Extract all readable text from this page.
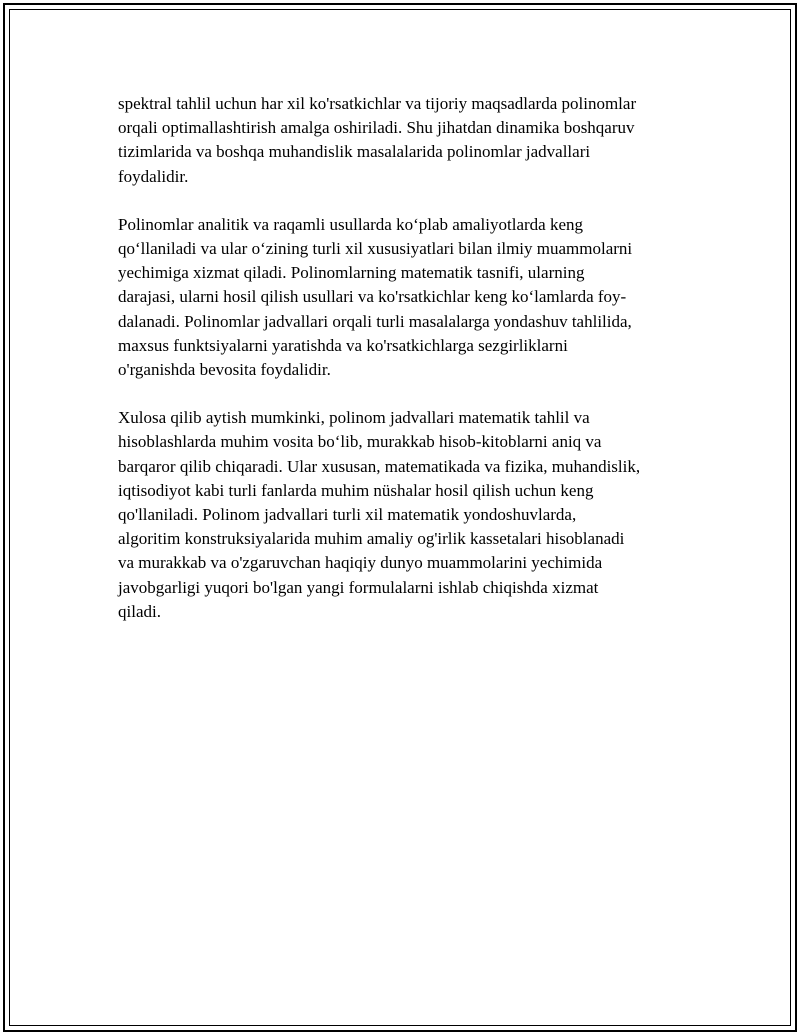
spektral tahlil uchun har xil ko'rsatkichlar va tijoriy maqsadlarda polinomlar
orqali optimallashtirish amalga oshiriladi. Shu jihatdan dinamika boshqaruv
tizimlarida va boshqa muhandislik masalalarida polinomlar jadvallari
foydalidir.

Polinomlar analitik va raqamli usullarda koʻplab amaliyotlarda keng
qoʻllaniladi va ular oʻzining turli xil xususiyatlari bilan ilmiy muammolarni
yechimiga xizmat qiladi. Polinomlarning matematik tasnifi, ularning
darajasi, ularni hosil qilish usullari va ko'rsatkichlar keng koʻlamlarda foy-
dalanadi. Polinomlar jadvallari orqali turli masalalarga yondashuv tahlilida,
maxsus funktsiyalarni yaratishda va ko'rsatkichlarga sezgirliklarni
o'rganishda bevosita foydalidir.

Xulosa qilib aytish mumkinki, polinom jadvallari matematik tahlil va
hisoblashlarda muhim vosita boʻlib, murakkab hisob-kitoblarni aniq va
barqaror qilib chiqaradi. Ular xususan, matematikada va fizika, muhandislik,
iqtisodiyot kabi turli fanlarda muhim nüshalar hosil qilish uchun keng
qo'llaniladi. Polinom jadvallari turli xil matematik yondoshuvlarda,
algoritim konstruksiyalarida muhim amaliy og'irlik kassetalari hisoblanadi
va murakkab va o'zgaruvchan haqiqiy dunyo muammolarini yechimida
javobgarligi yuqori bo'lgan yangi formulalarni ishlab chiqishda xizmat
qiladi.
